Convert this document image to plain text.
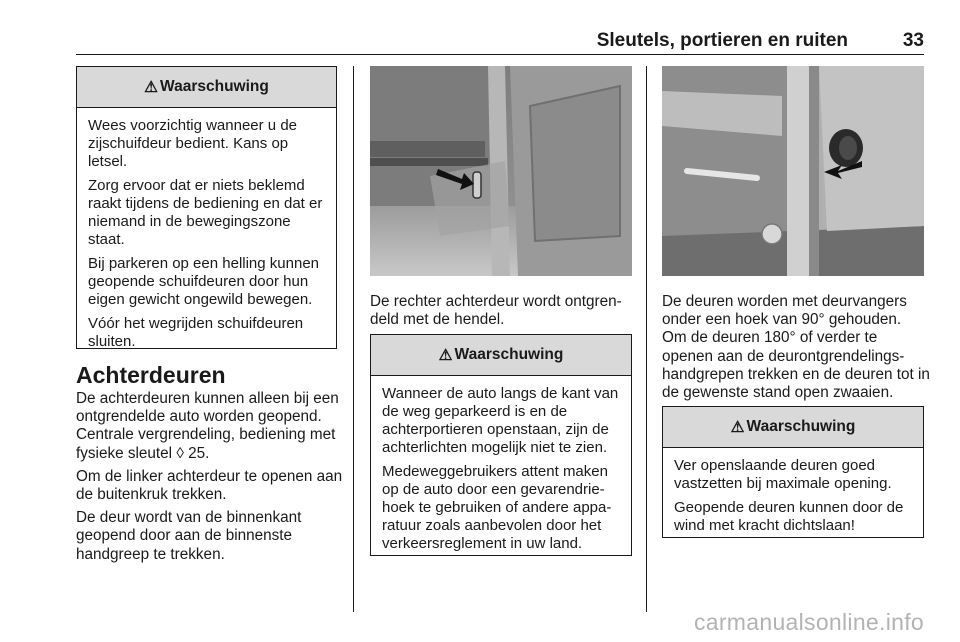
Sleutels, portieren en ruiten	33
⚠ Waarschuwing

Wees voorzichtig wanneer u de zijschuifdeur bedient. Kans op letsel.

Zorg ervoor dat er niets beklemd raakt tijdens de bediening en dat er niemand in de bewegingszone staat.

Bij parkeren op een helling kunnen geopende schuifdeuren door hun eigen gewicht ongewild bewegen.

Vóór het wegrijden schuifdeuren sluiten.

Achterdeuren

De achterdeuren kunnen alleen bij een ontgrendelde auto worden geopend. Centrale vergrendeling, bediening met fysieke sleutel ◊ 25.

Om de linker achterdeur te openen aan de buitenkruk trekken.

De deur wordt van de binnenkant geopend door aan de binnenste handgreep te trekken.

De rechter achterdeur wordt ontgren-deld met de hendel.
⚠ Waarschuwing

Wanneer de auto langs de kant van de weg geparkeerd is en de achterportieren openstaan, zijn de achterlichten mogelijk niet te zien.

Medeweggebruikers attent maken op de auto door een gevarendrie-hoek te gebruiken of andere appa-ratuur zoals aanbevolen door het verkeersreglement in uw land.

De deuren worden met deurvangers onder een hoek van 90° gehouden. Om de deuren 180° of verder te openen aan de deurontgrendelings-handgrepen trekken en de deuren tot in de gewenste stand open zwaaien.
⚠ Waarschuwing

Ver openslaande deuren goed vastzetten bij maximale opening.

Geopende deuren kunnen door de wind met kracht dichtslaan!

carmanualsonline.info
